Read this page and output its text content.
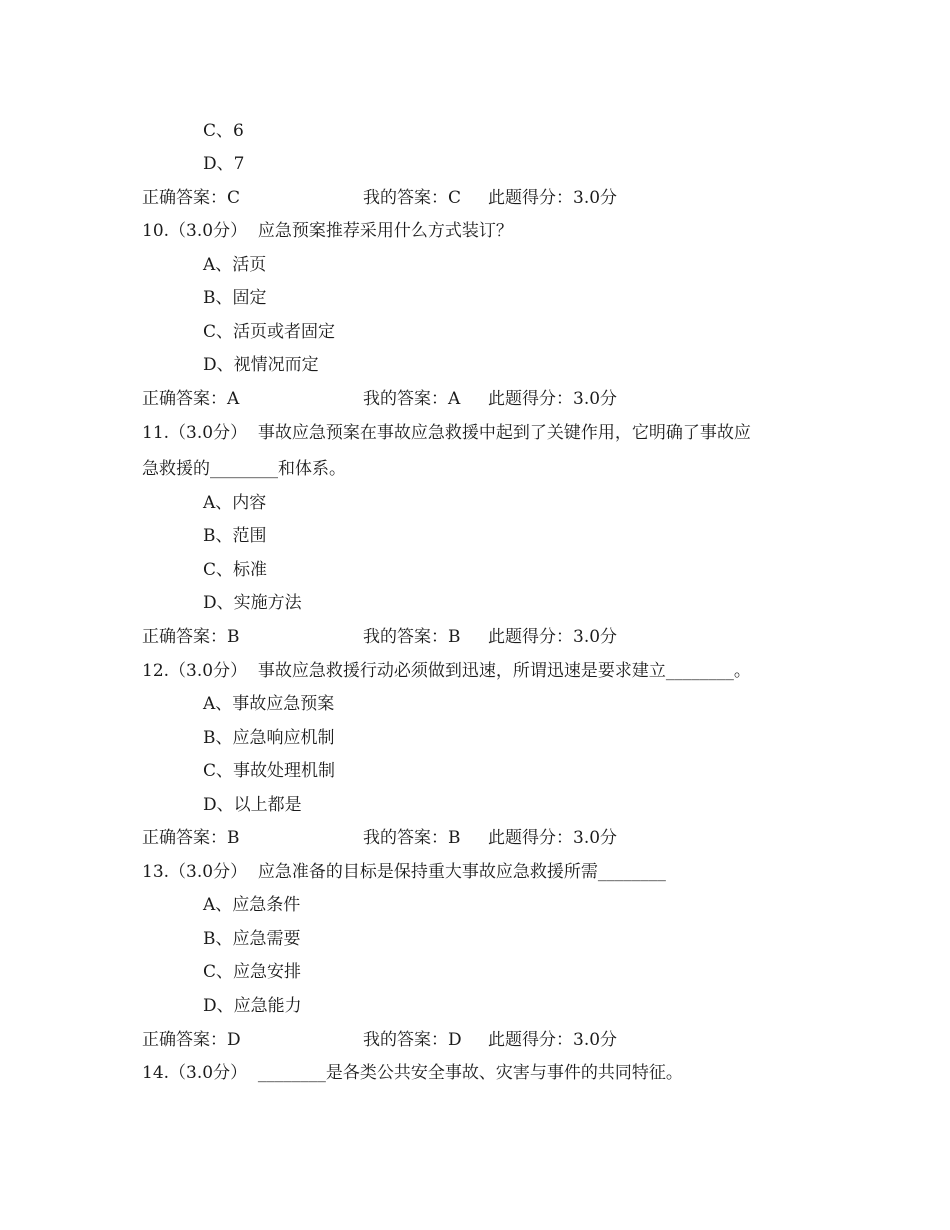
C、6
D、7
正确答案：C	我的答案：C 此题得分：3.0分
10.（3.0分）  应急预案推荐采用什么方式装订？
A、活页
B、固定
C、活页或者固定
D、视情况而定
正确答案：A	我的答案：A 此题得分：3.0分
11.（3.0分）  事故应急预案在事故应急救援中起到了关键作用，它明确了事故应
急救援的________和体系。
A、内容
B、范围
C、标准
D、实施方法
正确答案：B	我的答案：B 此题得分：3.0分
12.（3.0分）  事故应急救援行动必须做到迅速，所谓迅速是要求建立________。
A、事故应急预案
B、应急响应机制
C、事故处理机制
D、以上都是
正确答案：B	我的答案：B 此题得分：3.0分
13.（3.0分）  应急准备的目标是保持重大事故应急救援所需________
A、应急条件
B、应急需要
C、应急安排
D、应急能力
正确答案：D	我的答案：D 此题得分：3.0分
14.（3.0分）  ________是各类公共安全事故、灾害与事件的共同特征。
